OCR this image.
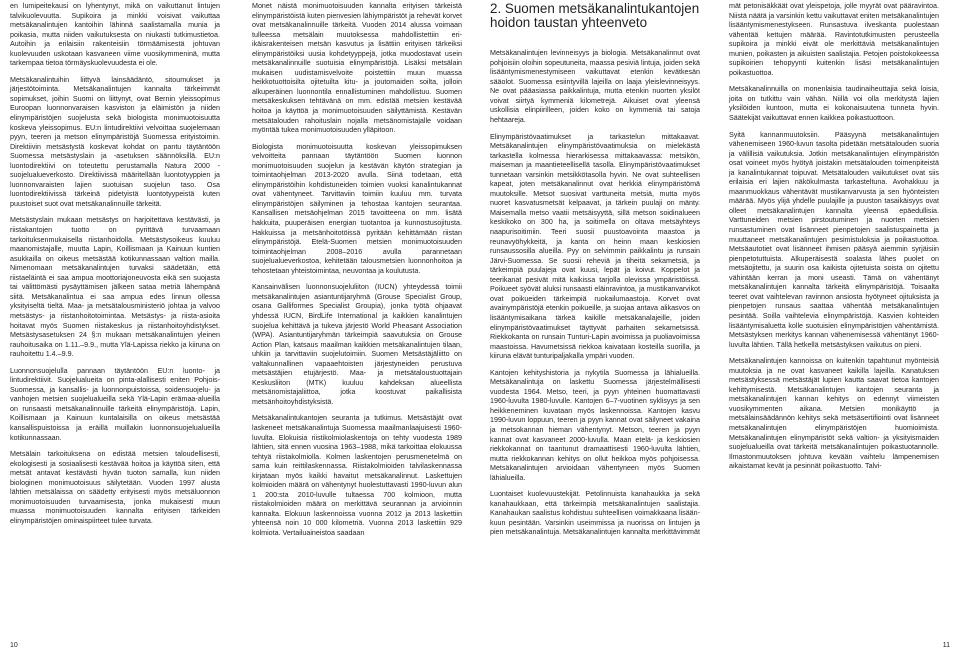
en lumipeitekausi on lyhentynyt, mikä on vaikuttanut lintujen talvikuolevuutta. Supikoira ja minkki voisivat vaikuttaa metsäkanalintujen kantoihin lähinnä saalistamalla munia ja poikasia, mutta niiden vaikutuksesta on niukasti tutkimustietoa. Autoihin ja erilaisiin rakenteisiin törmäämisestä johtuvan kuolevuuden uskotaan kasvaneen viime vuosikymmeninä, mutta tarkempaa tietoa törmäyskuolevuudesta ei ole.

Metsäkanalintuihin liittyvä lainsäädäntö, sitoumukset ja järjestötoiminta. Metsäkanalintujen kannalta tärkeimmät sopimukset, joihin Suomi on liittynyt, ovat Bernin yleissopimus Euroopan luonnonvaraisen kasviston ja eläimistön ja niiden elinympäristöjen suojelusta sekä biologista monimuotoisuutta koskeva yleissopimus. EU:n lintudirektiivi velvoittaa suojelemaan pyyn, teeren ja metson elinympäristöjä Suomessa erityistoimin. Direktiivin metsästystä koskevat kohdat on pantu täytäntöön Suomessa metsästyslain ja -asetuksen säännöksillä. EU:n luontodirektiivi on toteutettu perustamalla Natura 2000 -suojelualueverkosto. Direktiivissä määritellään luontotyyppien ja luonnonvaraisten lajien suotuisan suojelun taso. Osa luontodirektiivissä tärkeinä pidetyistä luontotyypeistä kuten puustoiset suot ovat metsäkanalinnuille tärkeitä.

Metsästyslain mukaan metsästys on harjoitettava kestävästi, ja riistakantojen tuotto on pyrittävä turvaamaan tarkoituksenmukaisella riistanhoidolla. Metsästysoikeus kuuluu maanomistajalle, muutta Lapin, Koillismaan ja Kainuun kuntien asukkailla on oikeus metsästää kotikunnassaan valtion mailla. Nimenomaan metsäkanalintujen turvaksi säädetään, että riistaeläintä ei saa ampua moottoriajoneuvosta eikä sen suojasta tai välittömästi pysäyttämisen jälkeen sataa metriä lähempänä siitä. Metsäkanalintua ei saa ampua edes linnun ollessa yksityiseltä tieltä. Maa- ja metsätalousministeriö johtaa ja valvoo metsästys- ja riistanhoitotoimintaa. Metsästys- ja riista-asioita hoitavat myös Suomen riistakeskus ja riistanhoitoyhdistykset. Metsästysasetuksen 24 §:n mukaan metsäkanalintujen yleinen rauhoitusaika on 1.11.–9.9., mutta Ylä-Lapissa riekko ja kiiruna on rauhoitettu 1.4.–9.9.

Luonnonsuojelulla pannaan täytäntöön EU:n luonto- ja lintudirektiivit. Suojelualueita on pinta-alallisesti eniten Pohjois-Suomessa, ja kansallis- ja luonnonpuistoissa, soidensuojelu- ja vanhojen metsien suojelualueilla sekä Ylä-Lapin erämaa-alueilla on runsaasti metsäkanalinnuille tärkeitä elinympäristöjä. Lapin, Koillismaan ja Kainuun kuntalaisilla on oikeus metsästää kansallispuistoissa ja eräillä muillakin luonnonsuojelualueilla kotikunnassaan.

Metsälain tarkoituksena on edistää metsien taloudellisesti, ekologisesti ja sosiaalisesti kestävää hoitoa ja käyttöä siten, että metsät antavat kestävästi hyvän tuoton samalla, kun niiden biologinen monimuotoisuus säilytetään. Vuoden 1997 alusta lähtien metsälaissa on säädetty erityisesti myös metsäluonnon monimuotoisuuden turvaamisesta, jonka mukaisesti muun muassa monimuotoisuuden kannalta erityisen tärkeiden elinympäristöjen ominaispiirteet tulee turvata.

Monet näistä monimuotoisuuden kannalta erityisen tärkeistä elinympäristöistä kuten pienvesien lähiympäristöt ja rehevät korvet ovat metsäkanalinnuille tärkeitä. Vuoden 2014 alussa voimaan tulleessa metsälain muutoksessa mahdollistettiin eri-ikäisrakenteisen metsän kasvutus ja lisättiin erityisen tärkeiksi elinympäristöiksi uusia kohdetyyppejä, jotka muodostavat usein metsäkanalinnuille suotuisia elinympäristöjä. Lisäksi metsälain mukaisen uudistamisvelvoite poistettiin muun muassa heikkotuottoisilta ojitetuilta kitu- ja joutomaiden soilta, jolloin alkuperäinen luonnontila ennallistuminen mahdollistuu. Suomen metsäkeskuksen tehtävänä on mm. edistää metsien kestävää hoitoa ja käyttöä ja monimuotoisuuden säilyttämistä. Kestävän metsätalouden rahoituslain nojalla metsänomistajalle voidaan myöntää tukea monimuotoisuuden ylläpitoon.

Biologista monimuotoisuutta koskevan yleissopimuksen velvoitteita pannaan täytäntöön Suomen luonnon monimuotoisuuden suojelun ja kestävän käytön strategian ja toimintaohjelman 2013-2020 avulla. Siinä todetaan, että elinympäristöihin kohdistuneiden toimien vuoksi kanalintukannat ovat vähentyneet. Tarvittaviin toimiin kuuluu mm. turvata elinympäristöjen säilyminen ja tehostaa kantojen seurantaa. Kansallisen metsäohjelman 2015 tavoitteena on mm. lisätä hakkuita, puuperäisen energian tuotantoa ja kunnostusojitusta. Hakkuissa ja metsänhoitotöissä pyritään kehittämään riistan elinympäristöjä. Etelä-Suomen metsien monimuotoisuuden toimintaohjelman 2008–2016 avulla parannetaan suojelualueverkostoa, kehitetään talousmetsien luonnonhoitoa ja tehostetaan yhteistoimintaa, neuvontaa ja koulutusta.

Kansainvälisen luonnonsuojeluliiton (IUCN) yhteydessä toimii metsäkanalintujen asiantuntijaryhmä (Grouse Specialist Group, osana Galliformes Specialist Groupia), jonka työtä ohjaavat yhdessä IUCN, BirdLife International ja kaikkien kanalintujen suojelua kehittävä ja tukeva järjestö World Pheasant Association (WPA). Asiantuntijaryhmän tärkeimpiä saavutuksia on Grouse Action Plan, katsaus maailman kaikkien metsäkanalintujen tilaan, uhkiin ja tarvittaviin suojelutoimiin. Suomen Metsästäjäliitto on valtakunnallinen vapaaehtoisten järjestyneiden perustuva metsästäjien etujärjestö. Maa- ja metsätaloustuottajain Keskusliiton (MTK) kuuluu kahdeksan alueellista metsänomistajaliittoa, jotka koostuvat paikallisista metsänhoitoyhdistyksistä.

Metsäkanalintukantojen seuranta ja tutkimus. Metsästäjät ovat laskeneet metsäkanalintuja Suomessa maailmanlaajuisesti 1960-luvulta. Elokuisia riistikolmiolaskentoja on tehty vuodesta 1989 lähtien, sitä ennen vuosina 1963–1988, mikä tarkoittaa elokuussa tehtyä riistakolmiolla. Kolmen laskentojen perusmenetelmä on sama kuin reittilaskennassa. Riistakolmioiden talvilaskennassa kirjataan myös kaikki havaitut metsäkanalinnut. Laskettujen kolmioiden määrä on vähentynyt huolestuttavasti 1990-luvun alun 1 200:sta 2010-luvulle tultaessa 700 kolmioon, mutta riistakolmioiden määrä on merkittävä seurannan ja arvioinnin kannalta. Elokuun laskennoissa vuonna 2012 ja 2013 laskettiin yhteensä noin 10 000 kilometriä. Vuonna 2013 laskettiin 929 kolmiota. Vertailuaineistoa saadaan

10
2. Suomen metsäkanalintukantojen hoidon taustan yhteenveto

Metsäkanalintujen levinneisyys ja biologia. Metsäkanalinnut ovat pohjoisiin oloihin sopeutuneita, maassa pesiviä lintuja, joiden sekä lisääntymismenestymiseen vaikuttavat etenkin kevätkesän sääolot. Suomessa esiintyvillä lajeilla on laaja yleislevinneisyys. Ne ovat pääasiassa paikkalintuja, mutta etenkin nuorten yksilöt voivat siirtyä kymmeniä kilometrejä. Aikuiset ovat yleensä uskollisia elinpiirilleen, joiden koko on kymmeniä tai satoja hehtaareja.

Elinympäristövaatimukset ja tarkastelun mittakaavat. Metsäkanalintujen elinympäristövaatimuksia on mielekästä tarkastella kolmessa hierarkisessa mittakaavassa: metsikön, maiseman ja maantieteellisellä tasolla. Elinympäristövaatimukset tunnetaan varsinkin metsikkötasolla hyvin. Ne ovat suhteellisen kapeat, joten metsäkanalinnut ovat herkkiä elinympäristömä muutoksille. Metsot suosivat varttuneita metsiä, mutta myös nuoret kasvatusmetsät kelpaavat, ja tärkein puulaji on mänty. Maisemalla metso vaatii metsäisyyttä, sillä metson soidinalueen keskikoko on 300 ha, ja soitimella on oltava metsäyhteys naapurisoitimiin. Teeri suosii puustoavointa maastoa ja reunavyöhykkeitä, ja kanta on heinn maan keskiosien runsaussosilla alueilla. Pyy on selvimmin paikkalintu ja runsain Järvi-Suomessa. Se suosii reheviä ja tiheitä sekametsiä, ja tärkeimpiä puulajeja ovat kuusi, lepät ja koivut. Koppelot ja teerikanat pesivät mitä kaikissa tarjolla olevissa ympäristöissä. Poikueet syövät aluksi runsaasti eläinravintoa, ja mustikanvarvikot ovat poikueiden tärkeimpiä ruokailumaastoja. Korvet ovat avainympäristöjä etenkin poikueille, ja suojaa antava alikasvos on lisääntymisaikana tärkeä kaikille metsäkanalajeille, joiden elinympäristövaatimukset täyttyvät parhaiten sekametsissä. Riekkokanta on runsain Tunturi-Lapin avoimissa ja puoliavoimissa maastoissa. Havumetsissä riekkoa kaivataan kosteilla suorilla, ja kiiruna elävät tunturipaljakalla ympäri vuoden.

Kantojen kehityshistoria ja nykytila Suomessa ja lähialueilla. Metsäkanalintuja on laskettu Suomessa järjestelmällisesti vuodesta 1964. Metso, teeri, ja pyyn yhteinen huomattavasti 1960-luvulta 1980-luvulle. Kantojen 6–7-vuotinen syklisyys ja sen heikkeneminen kuvataan myös laskennoissa. Kantojen kasvu 1990-luvun loppuun, teeren ja pyyn kannat ovat säilyneet vakaina ja metsokannan hieman vähentynyt. Metson, teeren ja pyyn kannat ovat kasvaneet 2000-luvulla. Maan etelä- ja keskiosien riekkokannat on taantunut dramaattisesti 1960-luvulta lähtien, mutta riekkokannan kehitys on ollut heikkoa myös pohjoisessa. Metsäkanalintujen arvioidaan vähentyneen myös Suomen lähialueilla.

Luontaiset kuolevuustekijät. Petolinnuista kanahaukka ja sekä kanahaukkaan, että tärkeimpiä metsäkanalintujen saalistajia. Kanahaukan saalistus kohdistuu suhteellisen voimakkaana lisään- kuun pesintään. Varsinkin useimmissa ja nuorissa on lintujen ja pien metsäkanalintuja. Metsäkanalintujen kannalta merkittävimmät

mät petonisäkkäät ovat yleispetoja, jolle myyrät ovat pääravintoa. Niistä näätä ja varsinkin kettu vaikuttavat eniten metsäkanalintujen lisääntymismenestykseen. Runsastuva ilveskanta puolestaan vähentää kettujen määrää. Ravintotutkimusten perusteella supikoira ja minkki eivät ole merkittäviä metsäkanalintujen munien, poikasten ja aikuisten saalistajia. Petojen poistokokeessa supikoirien tehopyynti kuitenkin lisäsi metsäkanalintujen poikastuottoa.

Metsäkanalinnuilla on monenlaisia taudinaiheuttajia sekä loisia, joita on tutkittu vain vähän. Niillä voi olla merkitystä lajien yksilöiden kuntoon, mutta ei kokonaisuutena tunneta hyvin. Säätekijät vaikuttavat ennen kaikkea poikastuottoon.

Syitä kannanmuutoksiin. Pääsyynä metsäkanalintujen vähenemiseen 1960-luvun tasolta pidetään metsätalouden suoria ja välillisiä vaikutuksia. Jotkin metsäkanalintujen elinympäristön osat voineet myös hyötyä joistakin metsätalouden toimenpiteistä ja kanalintukannat toipuvat. Metsätalouden vaikutukset ovat siis erilaisia eri lajien näkökulmasta tarkasteltuna. Avohakkuu ja maanmuokkaus vähentävät mustikanvarvusta ja sen hyönteisten määrää. Myös ylijä yhdelle puulajille ja puuston tasaikäisyys ovat olleet metsäkanalintujen kannalta yleensä epäedullisia. Varttuneiden metsien pirstoutuminen ja nuorten metsien runsastuminen ovat lisänneet pienpetojen saalistuspainetta ja muuttaneet metsäkanalintujen pesimistuloksia ja poikastuottoa. Metsäautotiet ovat lisänneet ihmisen pääsyä aiemmin syrjäisiin pienpetotuttuista. Alkuperäisestä soalasta lähes puolet on metsäojitettu, ja suurin osa kaikista ojitetuista soista on ojitettu vähintään kerran ja moni useasti. Tämä on vähentänyt metsäkanalintujen kannalta tärkeitä elinympäristöjä. Toisaalta teeret ovat vaihtelevan ravinnon ansiosta hyötyneet ojituksista ja pienpetojen runsaus saattaa vähentää metsäkanalintujen pesintää. Soilla vaihtelevia elinympäristöjä. Kasvien kohteiden lisääntymisaluetta kolle suotuisien elinympäristöjen vähentämistä. Metsästyksen merkitys kannan vähenemisessä vähentänyt 1960-luvulta lähtien. Tällä hetkellä metsästyksen vaikutus on pieni.

Metsäkanalintujen kannoissa on kuitenkin tapahtunut myönteisiä muutoksia ja ne ovat kasvaneet kaikilla lajeilla. Kanatuksen metsästyksessä metsästäjät lupien kautta saavat tietoa kantojen kehittymisestä. Metsäkanalintujen kantojen seuranta ja metsäkanalintujen kannan kehitys on edennyt viimeisten vuosikymmenten aikana. Metsien monikäyttö ja metsälainsäädännön kehitys sekä metsäsertifiointi ovat lisänneet metsäkanalintujen elinympäristöjen huomioimista. Metsäkanalintujen elinympäristöt sekä valtion- ja yksityismaiden suojelualueilla ovat tärkeitä metsäkanalintujen poikastuotannolle. Ilmastonmuutoksen johtuva kevään vaihtelu lämpenemisen aikaistamat kevät ja pesinnät poikastuotto. Talvi-

11
